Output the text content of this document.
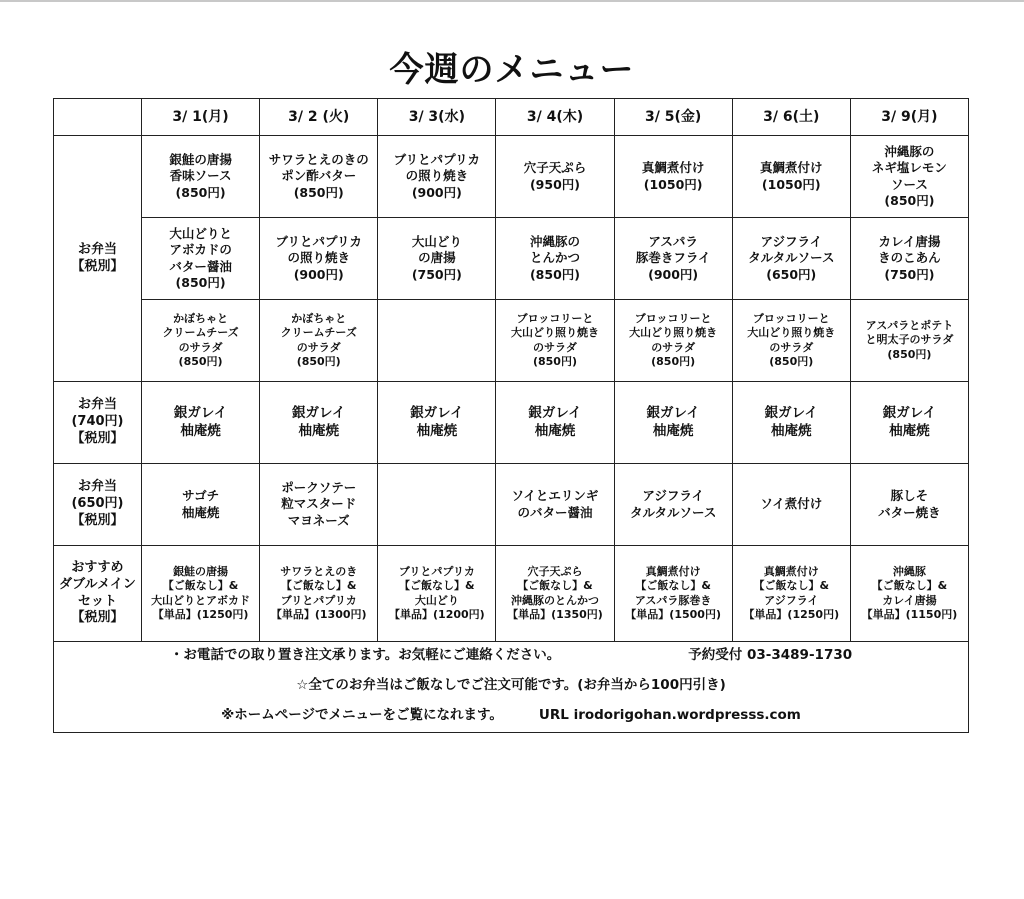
今週のメニュー
	3/ 1(月)	3/ 2 (火)	3/ 3(水)	3/ 4(木)	3/ 5(金)	3/ 6(土)	3/ 9(月)

お弁当
【税別】	銀鮭の唐揚
香味ソース
(850円)	サワラとえのきの
ポン酢バター
(850円)	ブリとパプリカ
の照り焼き
(900円)	穴子天ぷら
(950円)	真鯛煮付け
(1050円)	真鯛煮付け
(1050円)	沖縄豚の
ネギ塩レモン
ソース
(850円)

	大山どりと
アボカドの
バター醤油
(850円)	ブリとパプリカ
の照り焼き
(900円)	大山どり
の唐揚
(750円)	沖縄豚の
とんかつ
(850円)	アスパラ
豚巻きフライ
(900円)	アジフライ
タルタルソース
(650円)	カレイ唐揚
きのこあん
(750円)

	かぼちゃと
クリームチーズ
のサラダ
(850円)	かぼちゃと
クリームチーズ
のサラダ
(850円)		ブロッコリーと
大山どり照り焼き
のサラダ
(850円)	ブロッコリーと
大山どり照り焼き
のサラダ
(850円)	ブロッコリーと
大山どり照り焼き
のサラダ
(850円)	アスパラとポテト
と明太子のサラダ
(850円)

お弁当
(740円)
【税別】	銀ガレイ
柚庵焼	銀ガレイ
柚庵焼	銀ガレイ
柚庵焼	銀ガレイ
柚庵焼	銀ガレイ
柚庵焼	銀ガレイ
柚庵焼	銀ガレイ
柚庵焼

お弁当
(650円)
【税別】	サゴチ
柚庵焼	ポークソテー
粒マスタード
マヨネーズ		ソイとエリンギ
のバター醤油	アジフライ
タルタルソース	ソイ煮付け	豚しそ
バター焼き

おすすめ
ダブルメイン
セット
【税別】	銀鮭の唐揚
【ご飯なし】&
大山どりとアボカド
【単品】(1250円)	サワラとえのき
【ご飯なし】&
ブリとパプリカ
【単品】(1300円)	ブリとパプリカ
【ご飯なし】&
大山どり
【単品】(1200円)	穴子天ぷら
【ご飯なし】&
沖縄豚のとんかつ
【単品】(1350円)	真鯛煮付け
【ご飯なし】&
アスパラ豚巻き
【単品】(1500円)	真鯛煮付け
【ご飯なし】&
アジフライ
【単品】(1250円)	沖縄豚
【ご飯なし】&
カレイ唐揚
【単品】(1150円)

・お電話での取り置き注文承ります。お気軽にご連絡ください。 予約受付 03-3489-1730
☆全てのお弁当はご飯なしでご注文可能です。(お弁当から100円引き)
※ホームページでメニューをご覧になれます。 URL irodorigohan.wordpresss.com							
